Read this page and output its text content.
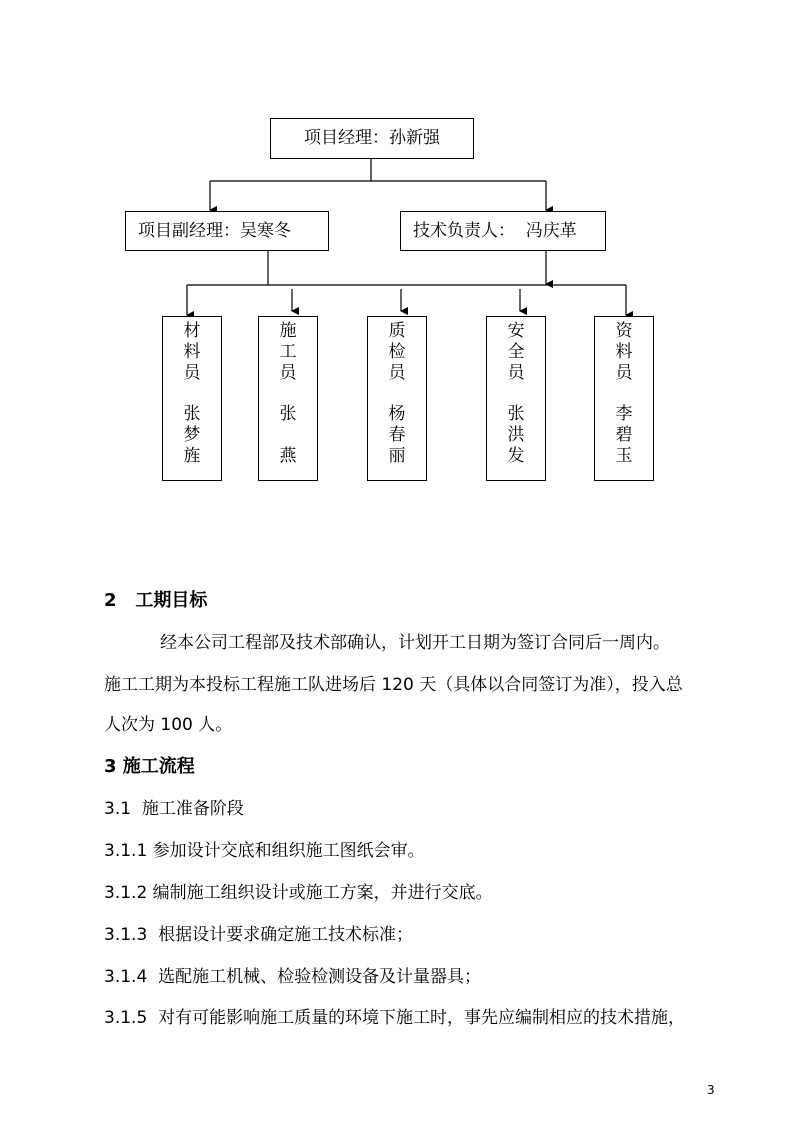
项目经理：孙新强
项目副经理：吴寒冬	技术负责人：  冯庆革
材
料
员
张
梦
旌
施
工
员
张
燕
质
检
员
杨
春
丽
安
全
员
张
洪
发
资
料
员
李
碧
玉
2   工期目标
经本公司工程部及技术部确认，计划开工日期为签订合同后一周内。
施工工期为本投标工程施工队进场后 120 天（具体以合同签订为准），投入总
人次为 100 人。
3 施工流程
3.1  施工准备阶段
3.1.1 参加设计交底和组织施工图纸会审。
3.1.2 编制施工组织设计或施工方案，并进行交底。
3.1.3  根据设计要求确定施工技术标准；
3.1.4  选配施工机械、检验检测设备及计量器具；
3.1.5  对有可能影响施工质量的环境下施工时，事先应编制相应的技术措施，
3
